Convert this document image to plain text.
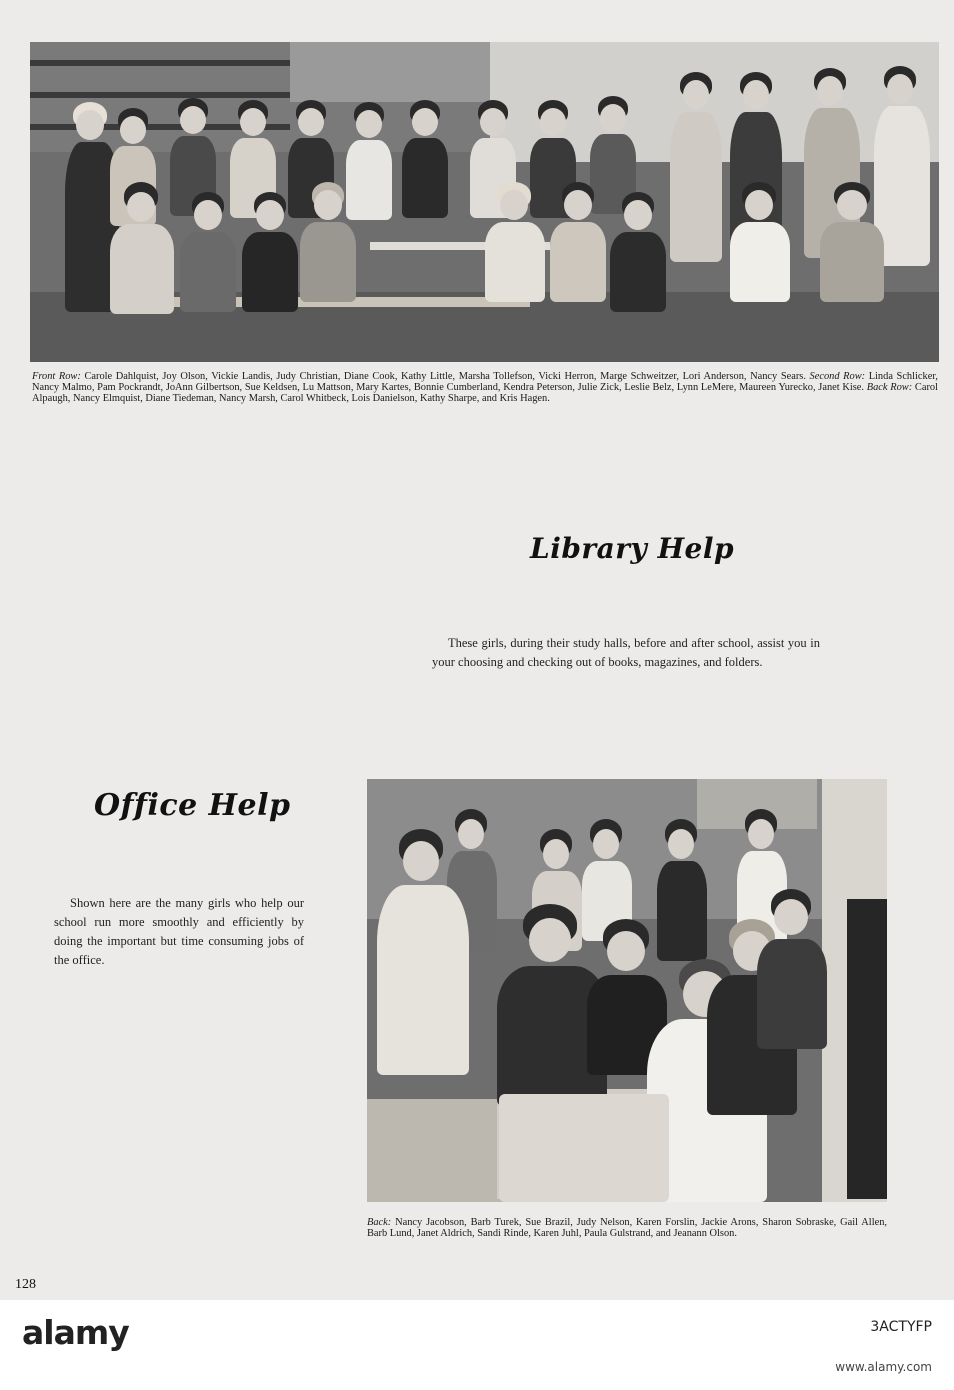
Front Row: Carole Dahlquist, Joy Olson, Vickie Landis, Judy Christian, Diane Cook, Kathy Little, Marsha Tollefson, Vicki Herron, Marge Schweitzer, Lori Anderson, Nancy Sears. Second Row: Linda Schlicker, Nancy Malmo, Pam Pockrandt, JoAnn Gilbertson, Sue Keldsen, Lu Mattson, Mary Kartes, Bonnie Cumberland, Kendra Peterson, Julie Zick, Leslie Belz, Lynn LeMere, Maureen Yurecko, Janet Kise. Back Row: Carol Alpaugh, Nancy Elmquist, Diane Tiedeman, Nancy Marsh, Carol Whitbeck, Lois Danielson, Kathy Sharpe, and Kris Hagen.
Library Help
These girls, during their study halls, before and after school, assist you in your choosing and checking out of books, magazines, and folders.
Office Help
Shown here are the many girls who help our school run more smoothly and efficiently by doing the important but time consuming jobs of the office.
Back: Nancy Jacobson, Barb Turek, Sue Brazil, Judy Nelson, Karen Forslin, Jackie Arons, Sharon Sobraske, Gail Allen, Barb Lund, Janet Aldrich, Sandi Rinde, Karen Juhl, Paula Gulstrand, and Jeanann Olson.
128
alamy	3ACTYFP
www.alamy.com
